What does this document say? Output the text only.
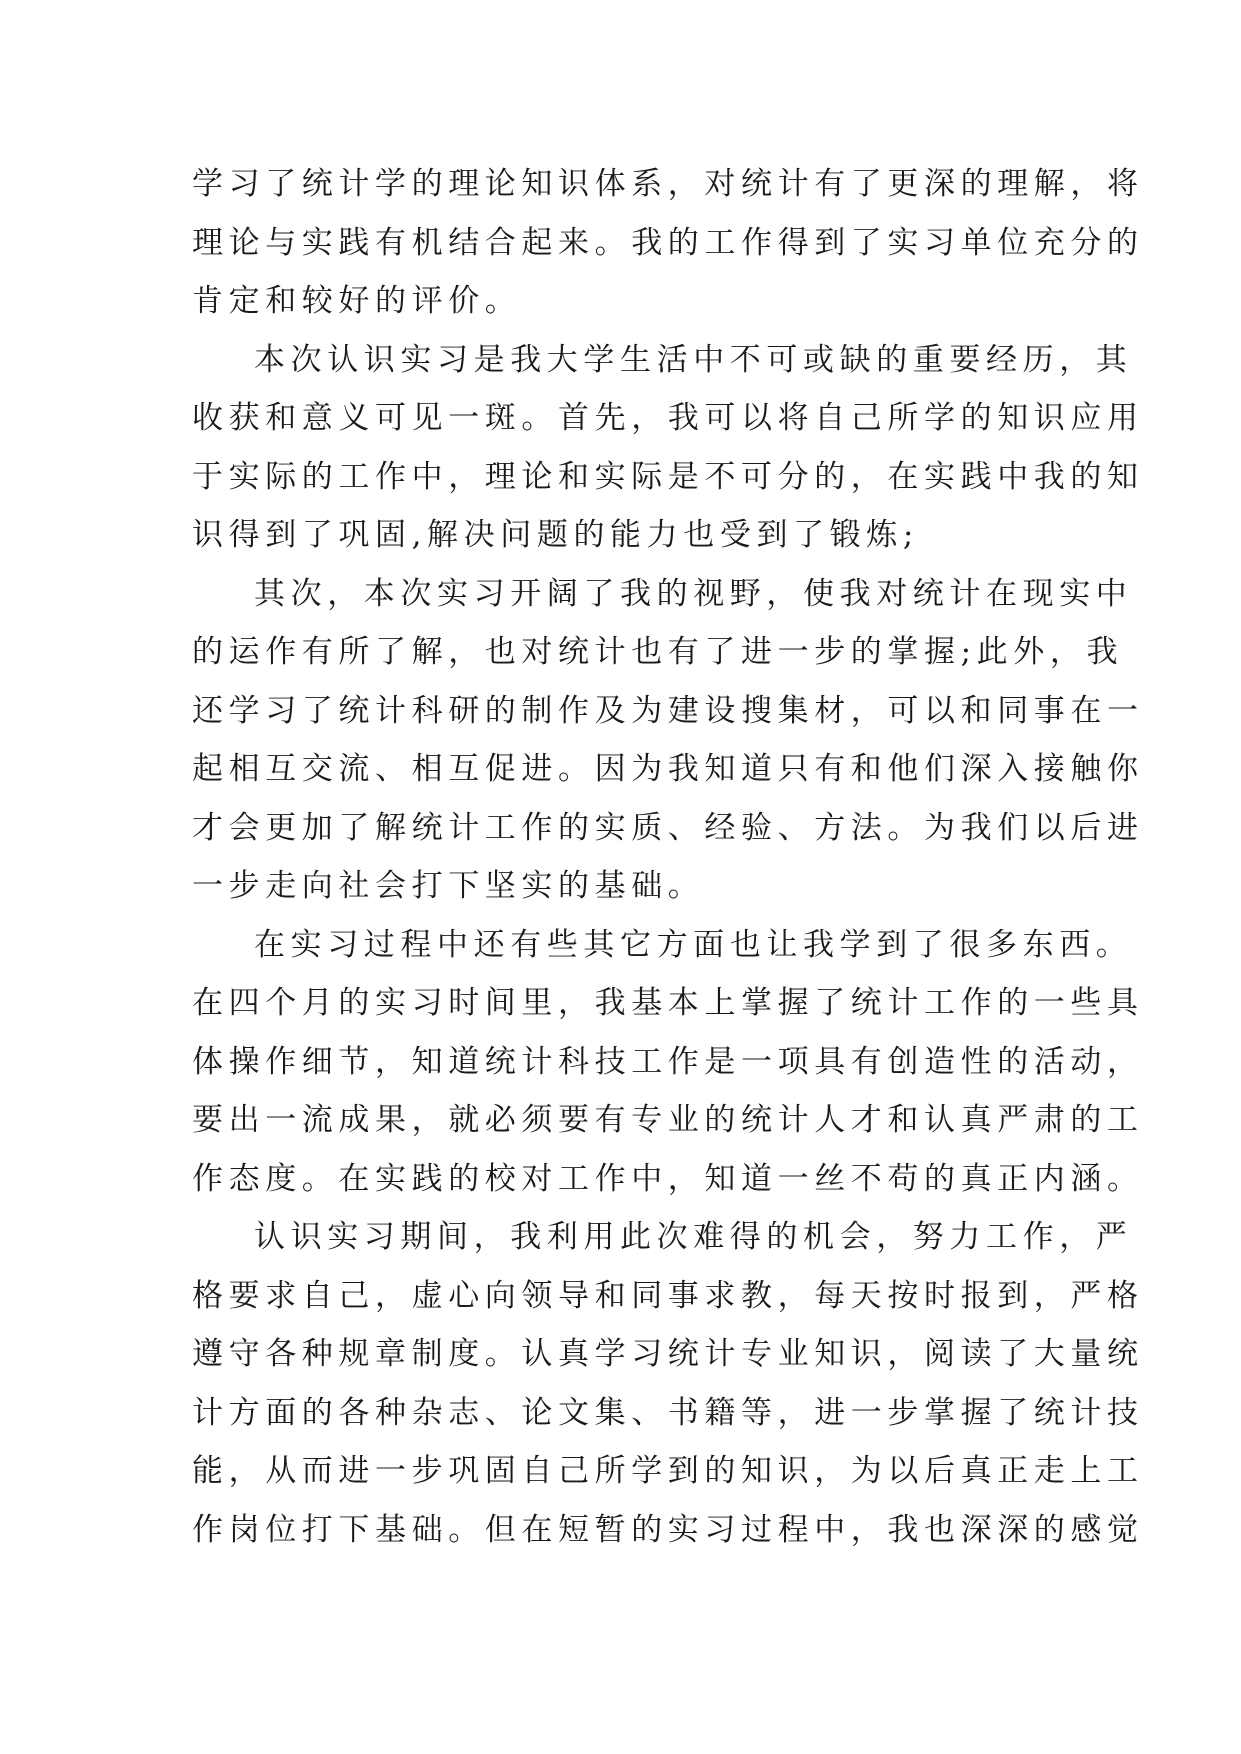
学习了统计学的理论知识体系，对统计有了更深的理解，将
理论与实践有机结合起来。我的工作得到了实习单位充分的
肯定和较好的评价。
本次认识实习是我大学生活中不可或缺的重要经历，其
收获和意义可见一斑。首先，我可以将自己所学的知识应用
于实际的工作中，理论和实际是不可分的，在实践中我的知
识得到了巩固,解决问题的能力也受到了锻炼;
其次，本次实习开阔了我的视野，使我对统计在现实中
的运作有所了解，也对统计也有了进一步的掌握;此外，我
还学习了统计科研的制作及为建设搜集材，可以和同事在一
起相互交流、相互促进。因为我知道只有和他们深入接触你
才会更加了解统计工作的实质、经验、方法。为我们以后进
一步走向社会打下坚实的基础。
在实习过程中还有些其它方面也让我学到了很多东西。
在四个月的实习时间里，我基本上掌握了统计工作的一些具
体操作细节，知道统计科技工作是一项具有创造性的活动，
要出一流成果，就必须要有专业的统计人才和认真严肃的工
作态度。在实践的校对工作中，知道一丝不苟的真正内涵。
认识实习期间，我利用此次难得的机会，努力工作，严
格要求自己，虚心向领导和同事求教，每天按时报到，严格
遵守各种规章制度。认真学习统计专业知识，阅读了大量统
计方面的各种杂志、论文集、书籍等，进一步掌握了统计技
能，从而进一步巩固自己所学到的知识，为以后真正走上工
作岗位打下基础。但在短暂的实习过程中，我也深深的感觉
